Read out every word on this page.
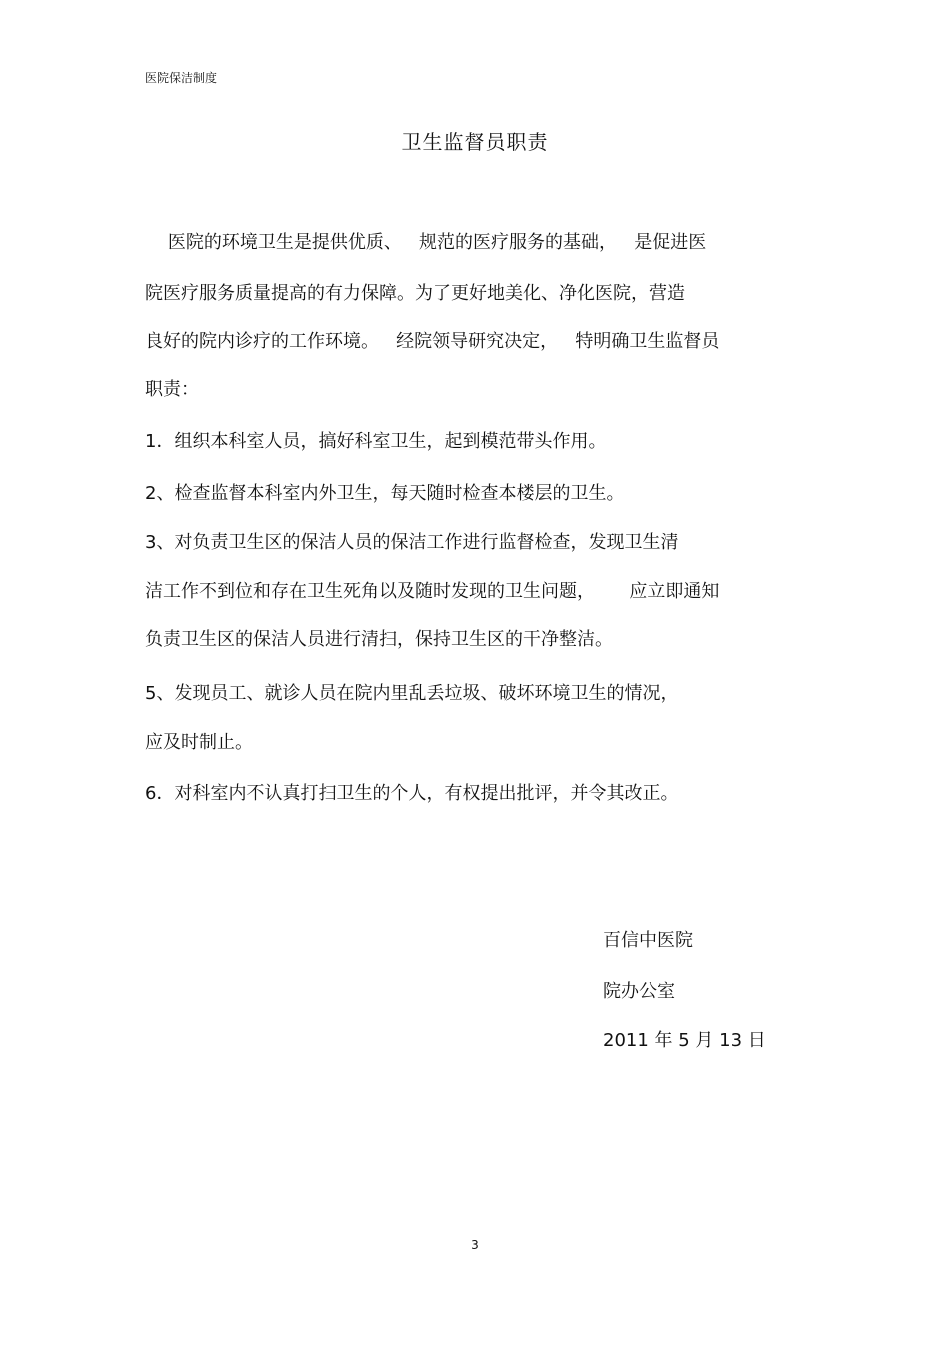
医院保洁制度
卫生监督员职责
医院的环境卫生是提供优质、   规范的医疗服务的基础，   是促进医
院医疗服务质量提高的有力保障。为了更好地美化、净化医院，营造
良好的院内诊疗的工作环境。   经院领导研究决定，   特明确卫生监督员
职责：
1．组织本科室人员，搞好科室卫生，起到模范带头作用。
2、检查监督本科室内外卫生，每天随时检查本楼层的卫生。
3、对负责卫生区的保洁人员的保洁工作进行监督检查，发现卫生清
洁工作不到位和存在卫生死角以及随时发现的卫生问题，      应立即通知
负责卫生区的保洁人员进行清扫，保持卫生区的干净整洁。
5、发现员工、就诊人员在院内里乱丢垃圾、破坏环境卫生的情况，
应及时制止。
6．对科室内不认真打扫卫生的个人，有权提出批评，并令其改正。
百信中医院
院办公室
2011 年 5 月 13 日
3
